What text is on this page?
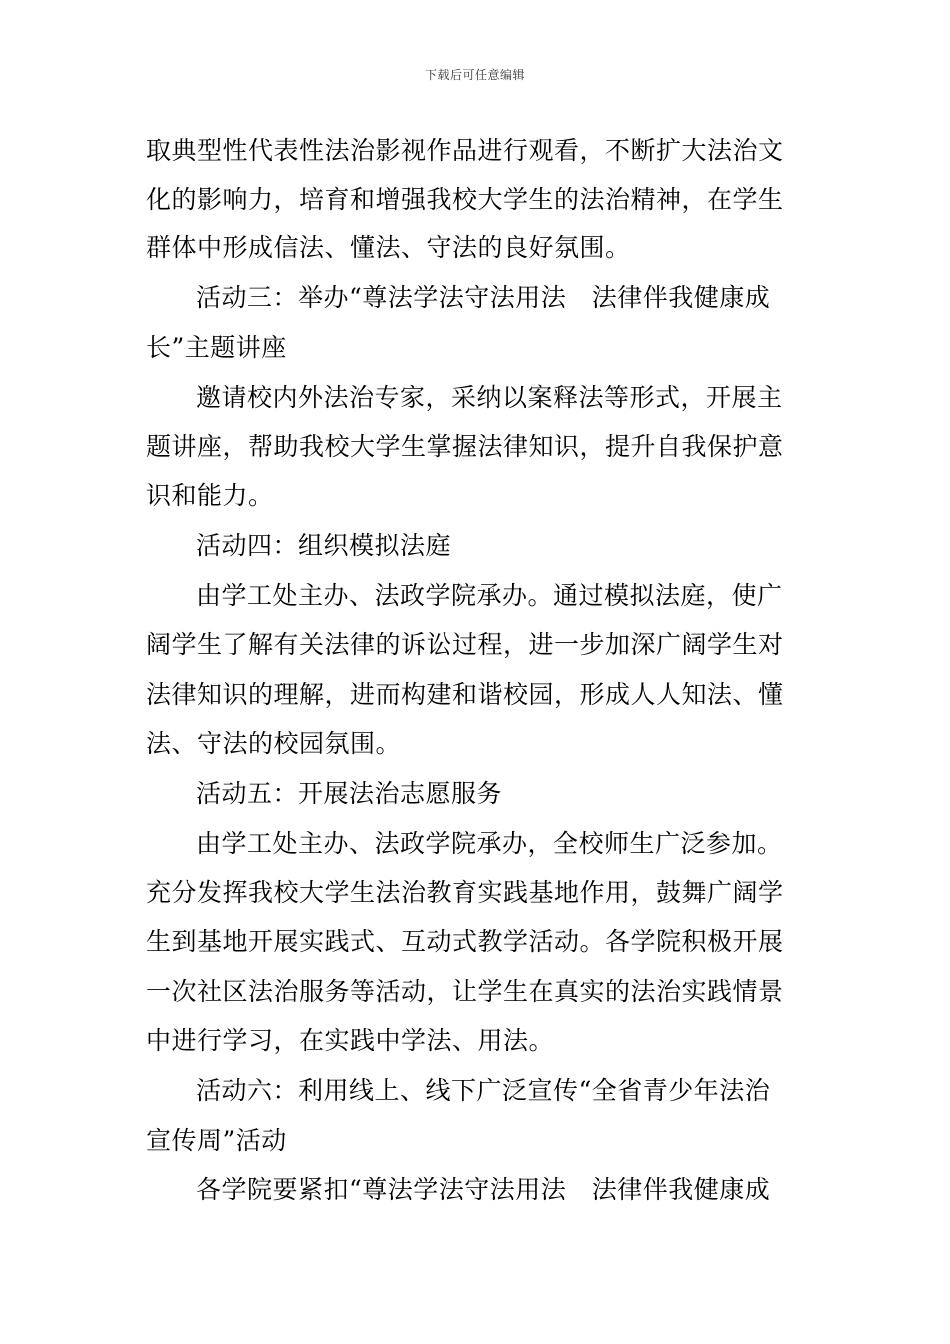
下载后可任意编辑
取典型性代表性法治影视作品进行观看，不断扩大法治文
化的影响力，培育和增强我校大学生的法治精神，在学生
群体中形成信法、懂法、守法的良好氛围。
活动三：举办“尊法学法守法用法　法律伴我健康成
长”主题讲座
邀请校内外法治专家，采纳以案释法等形式，开展主
题讲座，帮助我校大学生掌握法律知识，提升自我保护意
识和能力。
活动四：组织模拟法庭
由学工处主办、法政学院承办。通过模拟法庭，使广
阔学生了解有关法律的诉讼过程，进一步加深广阔学生对
法律知识的理解，进而构建和谐校园，形成人人知法、懂
法、守法的校园氛围。
活动五：开展法治志愿服务
由学工处主办、法政学院承办，全校师生广泛参加。
充分发挥我校大学生法治教育实践基地作用，鼓舞广阔学
生到基地开展实践式、互动式教学活动。各学院积极开展
一次社区法治服务等活动，让学生在真实的法治实践情景
中进行学习，在实践中学法、用法。
活动六：利用线上、线下广泛宣传“全省青少年法治
宣传周”活动
各学院要紧扣“尊法学法守法用法　法律伴我健康成
